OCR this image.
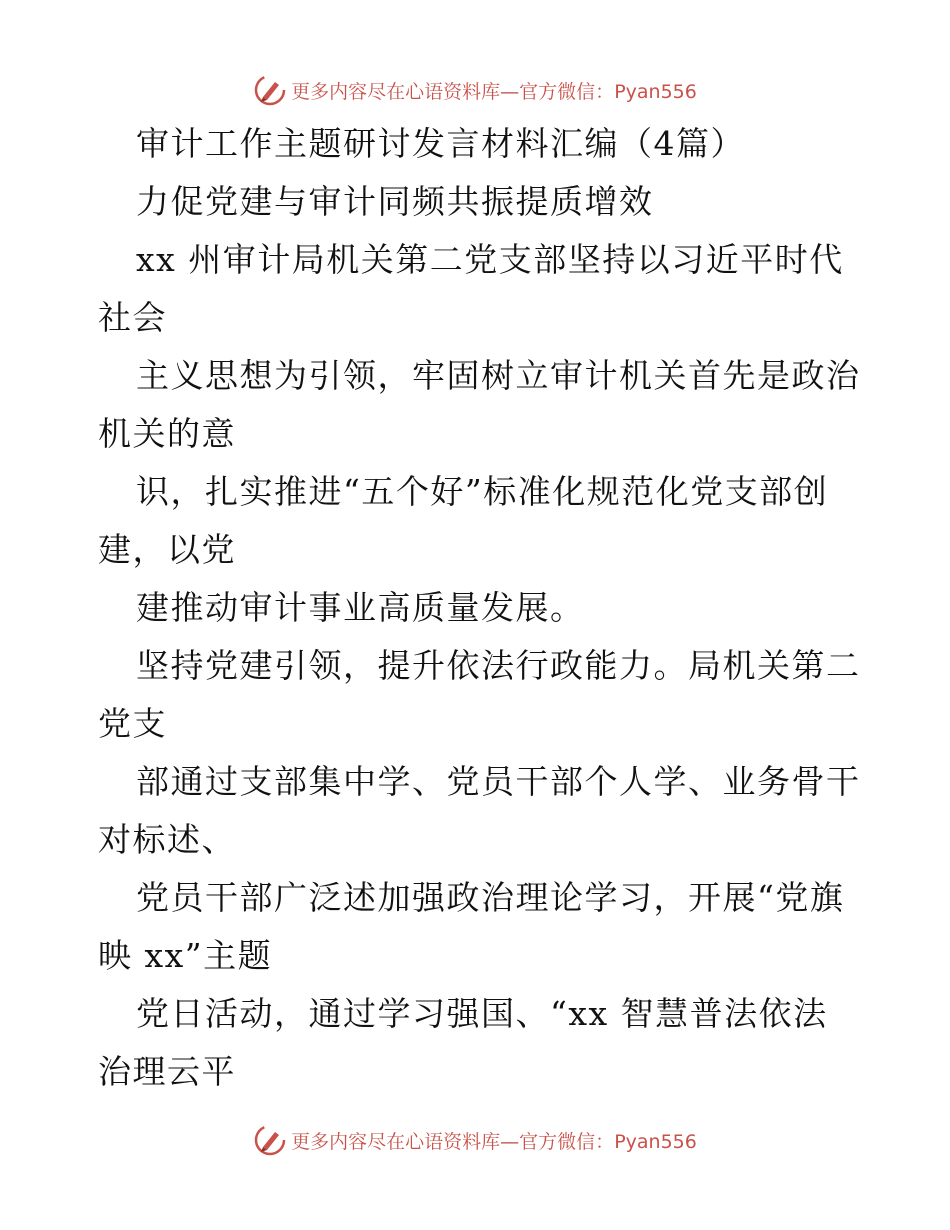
更多内容尽在心语资料库—官方微信：Pyan556
审计工作主题研讨发言材料汇编（4篇）
力促党建与审计同频共振提质增效
xx 州审计局机关第二党支部坚持以习近平时代
社会
主义思想为引领，牢固树立审计机关首先是政治
机关的意
识，扎实推进“五个好”标准化规范化党支部创
建，以党
建推动审计事业高质量发展。
坚持党建引领，提升依法行政能力。局机关第二
党支
部通过支部集中学、党员干部个人学、业务骨干
对标述、
党员干部广泛述加强政治理论学习，开展“党旗
映 xx”主题
党日活动，通过学习强国、“xx 智慧普法依法
治理云平
更多内容尽在心语资料库—官方微信：Pyan556
